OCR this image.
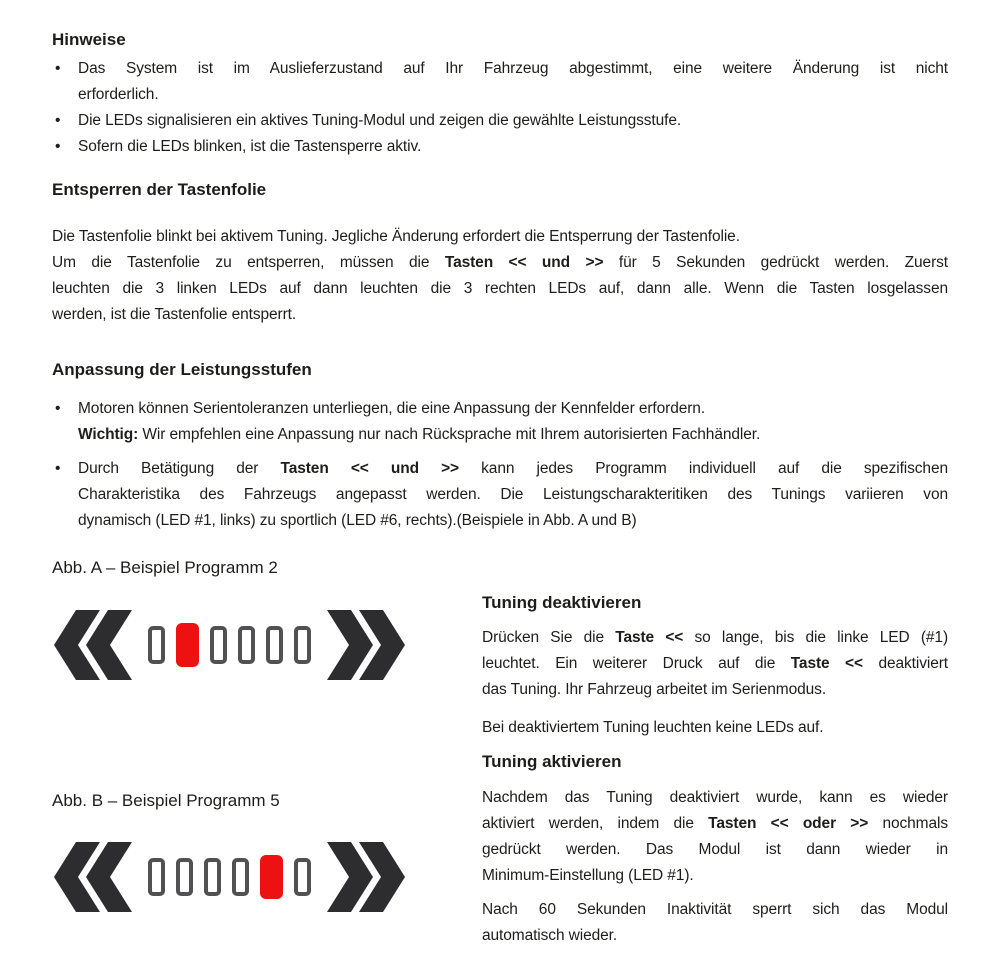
Hinweise
•	Das System ist im Auslieferzustand auf Ihr Fahrzeug abgestimmt, eine weitere Änderung ist nicht
erforderlich.
•	Die LEDs signalisieren ein aktives Tuning-Modul und zeigen die gewählte Leistungsstufe.
•	Sofern die LEDs blinken, ist die Tastensperre aktiv.
Entsperren der Tastenfolie
Die Tastenfolie blinkt bei aktivem Tuning. Jegliche Änderung erfordert die Entsperrung der Tastenfolie.
Um die Tastenfolie zu entsperren, müssen die Tasten << und >> für 5 Sekunden gedrückt werden. Zuerst
leuchten die 3 linken LEDs auf dann leuchten die 3 rechten LEDs auf, dann alle. Wenn die Tasten losgelassen
werden, ist die Tastenfolie entsperrt.
Anpassung der Leistungsstufen
•	Motoren können Serientoleranzen unterliegen, die eine Anpassung der Kennfelder erfordern.
Wichtig: Wir empfehlen eine Anpassung nur nach Rücksprache mit Ihrem autorisierten Fachhändler.
•	Durch Betätigung der Tasten << und >> kann jedes Programm individuell auf die spezifischen
Charakteristika des Fahrzeugs angepasst werden. Die Leistungscharakteritiken des Tunings variieren von
dynamisch (LED #1, links) zu sportlich (LED #6, rechts).(Beispiele in Abb. A und B)
Abb. A – Beispiel Programm 2
Abb. B – Beispiel Programm 5
Tuning deaktivieren
Drücken Sie die Taste << so lange, bis die linke LED (#1)
leuchtet. Ein weiterer Druck auf die Taste << deaktiviert
das Tuning. Ihr Fahrzeug arbeitet im Serienmodus.
Bei deaktiviertem Tuning leuchten keine LEDs auf.
Tuning aktivieren
Nachdem das Tuning deaktiviert wurde, kann es wieder
aktiviert werden, indem die Tasten << oder >> nochmals
gedrückt werden. Das Modul ist dann wieder in
Minimum-Einstellung (LED #1).
Nach 60 Sekunden Inaktivität sperrt sich das Modul
automatisch wieder.
